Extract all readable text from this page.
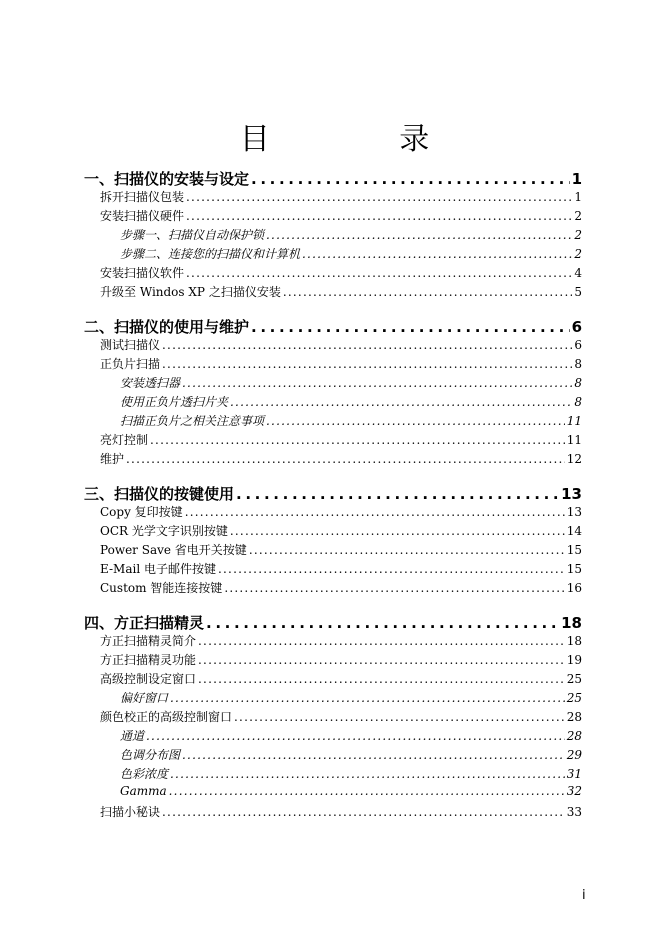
目 录
一、扫描仪的安装与设定 . . .	1
拆开扫描仪包装 . . .	1
安装扫描仪硬件 . . .	2
步骤一、扫描仪自动保护锁 . . .	2
步骤二、连接您的扫描仪和计算机 . . .	2
安装扫描仪软件 . . .	4
升级至 Windos XP 之扫描仪安装 . . .	5
二、扫描仪的使用与维护 . . .	6
测试扫描仪 . . .	6
正负片扫描 . . .	8
安装透扫器 . . .	8
使用正负片透扫片夹 . . .	8
扫描正负片之相关注意事项 . . .	11
亮灯控制 . . .	11
维护 . . .	12
三、扫描仪的按键使用 . . .	13
Copy 复印按键 . . .	13
OCR 光学文字识别按键 . . .	14
Power Save 省电开关按键 . . .	15
E-Mail 电子邮件按键 . . .	15
Custom 智能连接按键 . . .	16
四、方正扫描精灵 . . .	18
方正扫描精灵简介 . . .	18
方正扫描精灵功能 . . .	19
高级控制设定窗口 . . .	25
偏好窗口 . . .	25
颜色校正的高级控制窗口 . . .	28
通道 . . .	28
色调分布图 . . .	29
色彩浓度 . . .	31
Gamma . . .	32
扫描小秘诀 . . .	33
i
